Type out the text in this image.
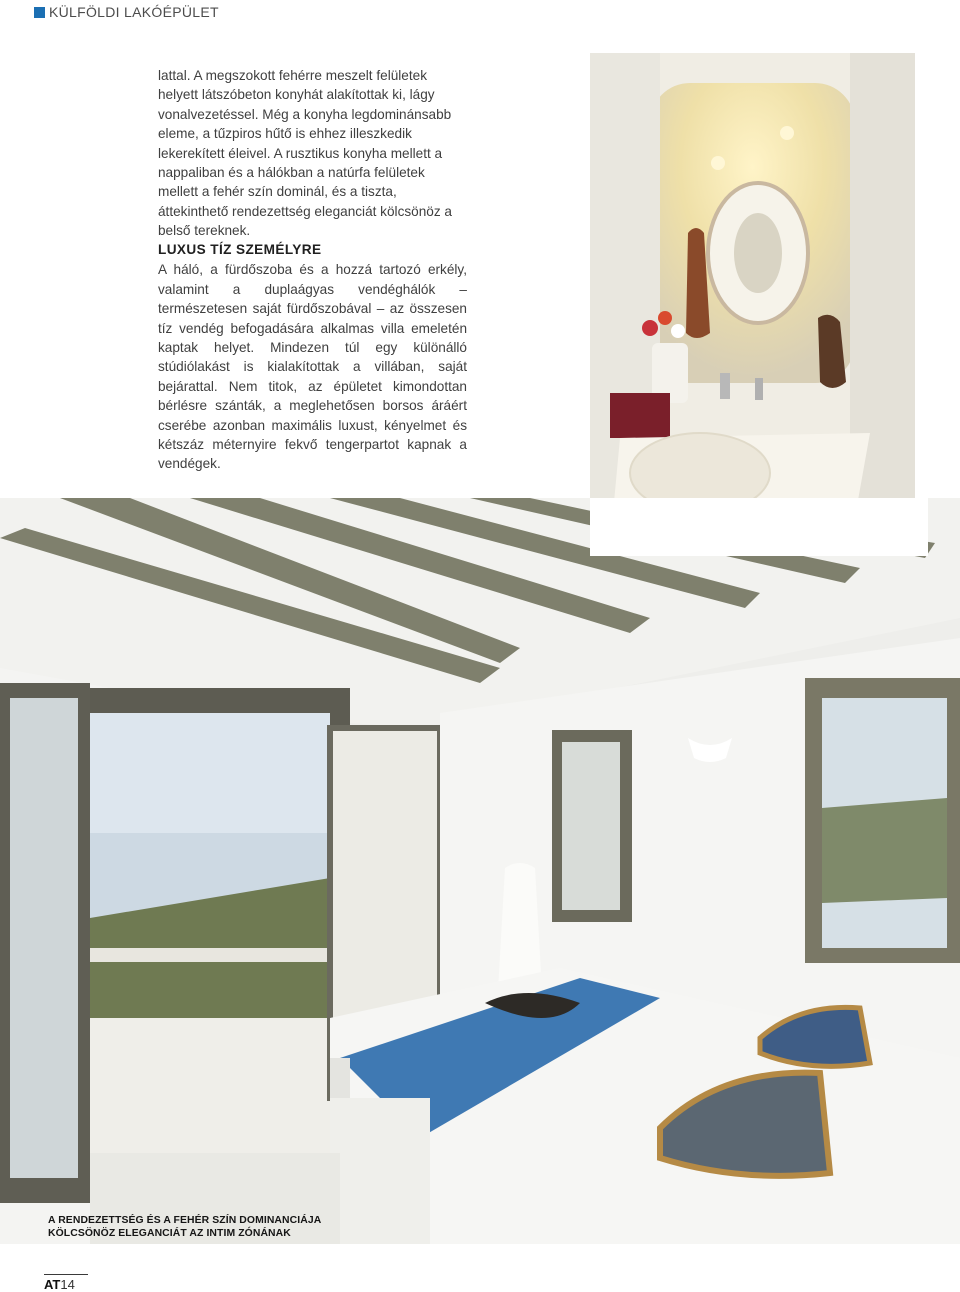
KÜLFÖLDI LAKÓÉPÜLET
lattal. A megszokott fehérre meszelt felületek helyett látszóbeton konyhát alakítottak ki, lágy vonalvezetéssel. Még a konyha legdominánsabb eleme, a tűzpiros hűtő is ehhez illeszkedik lekerekített éleivel. A rusztikus konyha mellett a nappaliban és a hálókban a natúrfa felületek mellett a fehér szín dominál, és a tiszta, áttekinthető rendezettség eleganciát kölcsönöz a belső tereknek.
LUXUS TÍZ SZEMÉLYRE
A háló, a fürdőszoba és a hozzá tartozó erkély, valamint a duplaágyas vendéghálók – természetesen saját fürdőszobával – az összesen tíz vendég befogadására alkalmas villa emeletén kaptak helyet. Mindezen túl egy különálló stúdiólakást is kialakítottak a villában, saját bejárattal. Nem titok, az épületet kimondottan bérlésre szánták, a meglehetősen borsos áráért cserébe azonban maximális luxust, kényelmet és kétszáz méternyire fekvő tengerpartot kapnak a vendégek.
A RENDEZETTSÉG ÉS A FEHÉR SZÍN DOMINANCIÁJA
KÖLCSÖNÖZ ELEGANCIÁT AZ INTIM ZÓNÁNAK
AT14
